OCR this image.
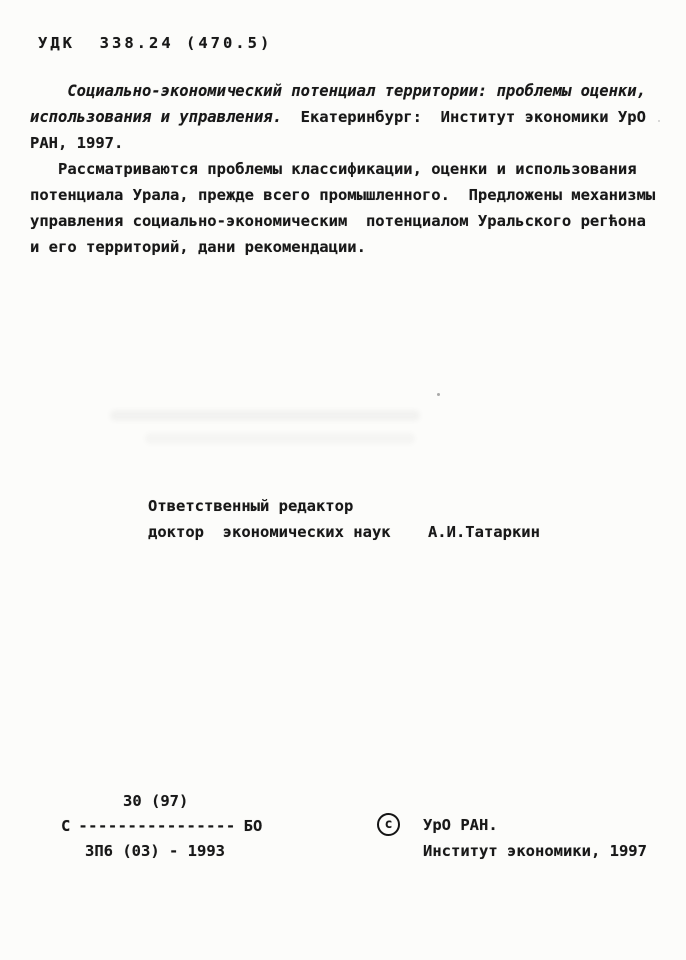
УДК  338.24 (470.5)
Социально-экономический потенциал территории: проблемы оценки,
использования и управления.  Екатеринбург:  Институт экономики УрО
РАН, 1997.
Рассматриваются проблемы классификации, оценки и использования
потенциала Урала, прежде всего промышленного.  Предложены механизмы
управления социально-экономическим  потенциалом Уральского регћона
и его территорий, дани рекомендации.
Ответственный редактор
доктор  экономических наук    А.И.Татаркин
30 (97)
С ---------------- БО
ЗП6 (03) - 1993
с УрО РАН.
Институт экономики, 1997
